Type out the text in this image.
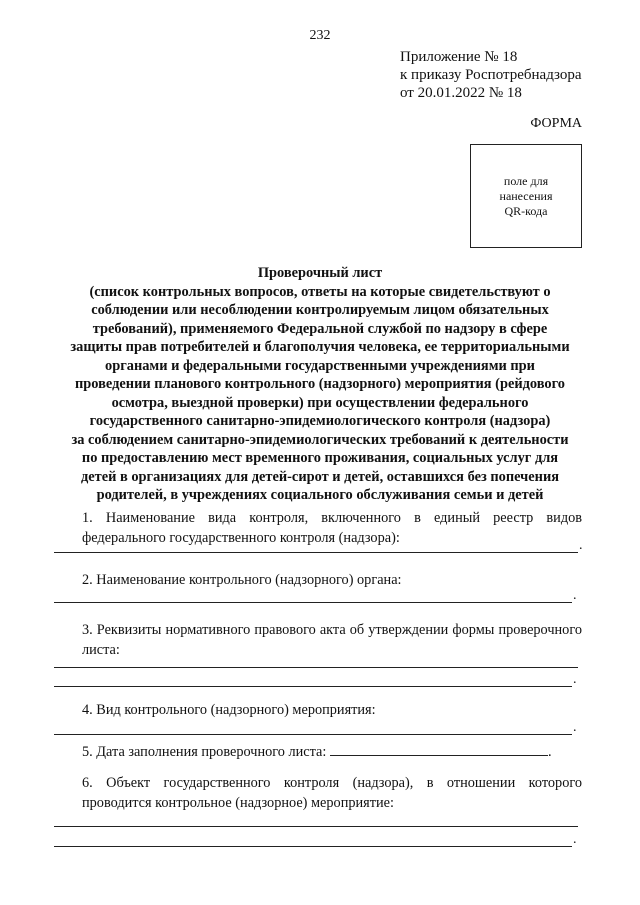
232
Приложение № 18
к приказу Роспотребнадзора
от 20.01.2022 № 18
ФОРМА
поле для
нанесения
QR-кода
Проверочный лист
(список контрольных вопросов, ответы на которые свидетельствуют о
соблюдении или несоблюдении контролируемым лицом обязательных
требований), применяемого Федеральной службой по надзору в сфере
защиты прав потребителей и благополучия человека, ее территориальными
органами и федеральными государственными учреждениями при
проведении планового контрольного (надзорного) мероприятия (рейдового
осмотра, выездной проверки) при осуществлении федерального
государственного санитарно-эпидемиологического контроля (надзора)
за соблюдением санитарно-эпидемиологических требований к деятельности
по предоставлению мест временного проживания, социальных услуг для
детей в организациях для детей-сирот и детей, оставшихся без попечения
родителей, в учреждениях социального обслуживания семьи и детей
1. Наименование вида контроля, включенного в единый реестр видов федерального государственного контроля (надзора):	.
2. Наименование контрольного (надзорного) органа:
.
3. Реквизиты нормативного правового акта об утверждении формы проверочного листа:
.
4. Вид контрольного (надзорного) мероприятия:
.
5. Дата заполнения проверочного листа:	.
6. Объект государственного контроля (надзора), в отношении которого проводится контрольное (надзорное) мероприятие:
.
